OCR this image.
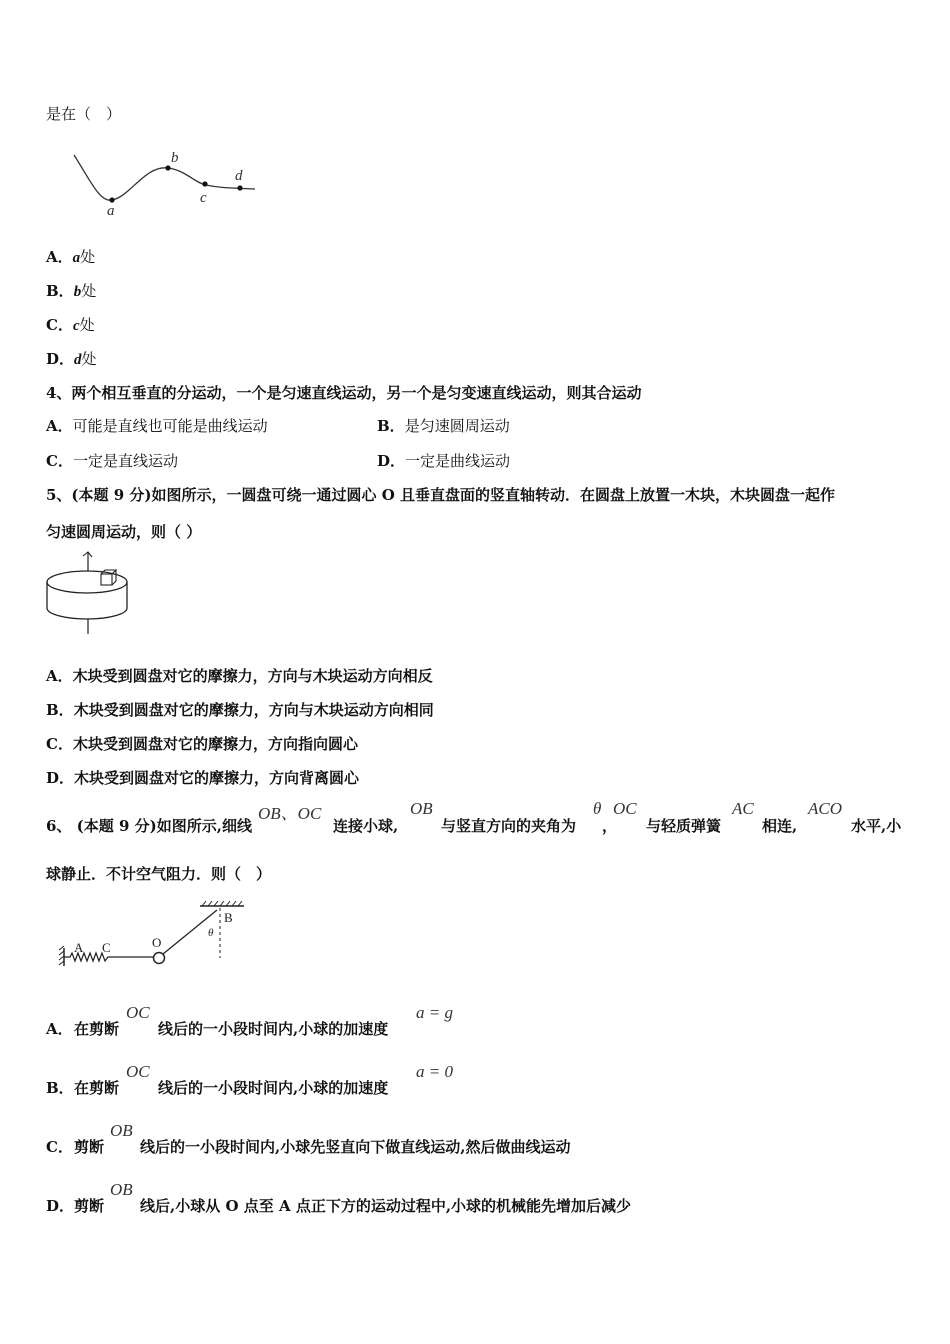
是在（　）
a
b
c
d
A．a处
B．b处
C．c处
D．d处
4、两个相互垂直的分运动，一个是匀速直线运动，另一个是匀变速直线运动，则其合运动
A．可能是直线也可能是曲线运动	B．是匀速圆周运动
C．一定是直线运动	D．一定是曲线运动
5、(本题 9 分)如图所示，一圆盘可绕一通过圆心 O 且垂直盘面的竖直轴转动．在圆盘上放置一木块，木块圆盘一起作
匀速圆周运动，则（ ）
A．木块受到圆盘对它的摩擦力，方向与木块运动方向相反
B．木块受到圆盘对它的摩擦力，方向与木块运动方向相同
C．木块受到圆盘对它的摩擦力，方向指向圆心
D．木块受到圆盘对它的摩擦力，方向背离圆心
6、 (本题 9 分)如图所示,细线
OB、OC
连接小球,
OB
与竖直方向的夹角为
θ
，
OC
与轻质弹簧
AC
相连,
ACO
水平,小
球静止．不计空气阻力．则（　）
A C	O
B
θ
A． 在剪断
OC
线后的一小段时间内,小球的加速度
a = g
B． 在剪断
OC
线后的一小段时间内,小球的加速度
a = 0
C． 剪断
OB
线后的一小段时间内,小球先竖直向下做直线运动,然后做曲线运动
D． 剪断
OB
线后,小球从 O 点至 A 点正下方的运动过程中,小球的机械能先增加后减少
